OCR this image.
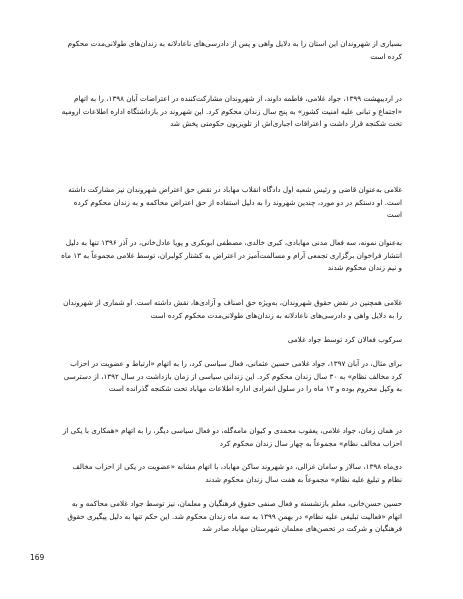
بسیاری از شهروندان این استان را به دلایل واهی و پس از دادرسی‌های ناعادلانه به زندان‌های طولانی‌مدت محکوم کرده است

در اردیبهشت ۱۳۹۹، جواد غلامی، فاطمه داوند، از شهروندان مشارکت‌کننده در اعتراضات آبان ۱۳۹۸، را به اتهام «اجتماع و تبانی علیه امنیت کشور» به پنج سال زندان محکوم کرد. این شهروند در بازداشتگاه اداره اطلاعات ارومیه تحت شکنجه قرار داشت و اعترافات اجباری‌اش از تلویزیون حکومتی پخش شد

غلامی به‌عنوان قاضی و رئیس شعبه اول دادگاه انقلاب مهاباد در نقض حق اعتراض شهروندان نیز مشارکت داشته است. او دستکم در دو مورد، چندین شهروند را به دلیل استفاده از حق اعتراض محاکمه و به زندان محکوم کرده است

به‌عنوان نمونه، سه فعال مدنی مهابادی، کبری خالدی، مصطفی ابوبکری و پویا عادل‌خانی، در آذر ۱۳۹۶ تنها به دلیل انتشار فراخوان برگزاری تجمعی آرام و مسالمت‌آمیز در اعتراض به کشتار کولبران، توسط غلامی مجموعاً به ۱۳ ماه و نیم زندان محکوم شدند

غلامی همچنین در نقض حقوق شهروندان، به‌ویژه حق اصناف و آزادی‌ها، نقش داشته است. او شماری از شهروندان را به دلایل واهی و دادرسی‌های ناعادلانه به زندان‌های طولانی‌مدت محکوم کرده است

سرکوب فعالان کرد توسط جواد غلامی

برای مثال، در آبان ۱۳۹۷، جواد غلامی حسین عثمانی، فعال سیاسی کرد، را به اتهام «ارتباط و عضویت در احزاب کرد مخالف نظام» به ۳۰ سال زندان محکوم کرد. این زندانی سیاسی از زمان بازداشت در سال ۱۳۹۲، از دسترسی به وکیل محروم بوده و ۱۳ ماه را در سلول انفرادی اداره اطلاعات مهاباد تحت شکنجه گذرانده است

در همان زمان، جواد غلامی، یعقوب محمدی و کیوان مامه‌گله، دو فعال سیاسی دیگر، را به اتهام «همکاری با یکی از احزاب مخالف نظام» مجموعاً به چهار سال زندان محکوم کرد

دی‌ماه ۱۳۹۸، سالار و سامان غزالی، دو شهروند ساکن مهاباد، با اتهام مشابه «عضویت در یکی از احزاب مخالف نظام و تبلیغ علیه نظام» مجموعاً به هفت سال زندان محکوم شدند

حسین حسن‌خانی، معلم بازنشسته و فعال صنفی حقوق فرهنگیان و معلمان، نیز توسط جواد غلامی محاکمه و به اتهام «فعالیت تبلیغی علیه نظام» در بهمن ۱۳۹۹ به سه ماه زندان محکوم شد. این حکم تنها به دلیل پیگیری حقوق فرهنگیان و شرکت در تحصن‌های معلمان شهرستان مهاباد صادر شد

169
